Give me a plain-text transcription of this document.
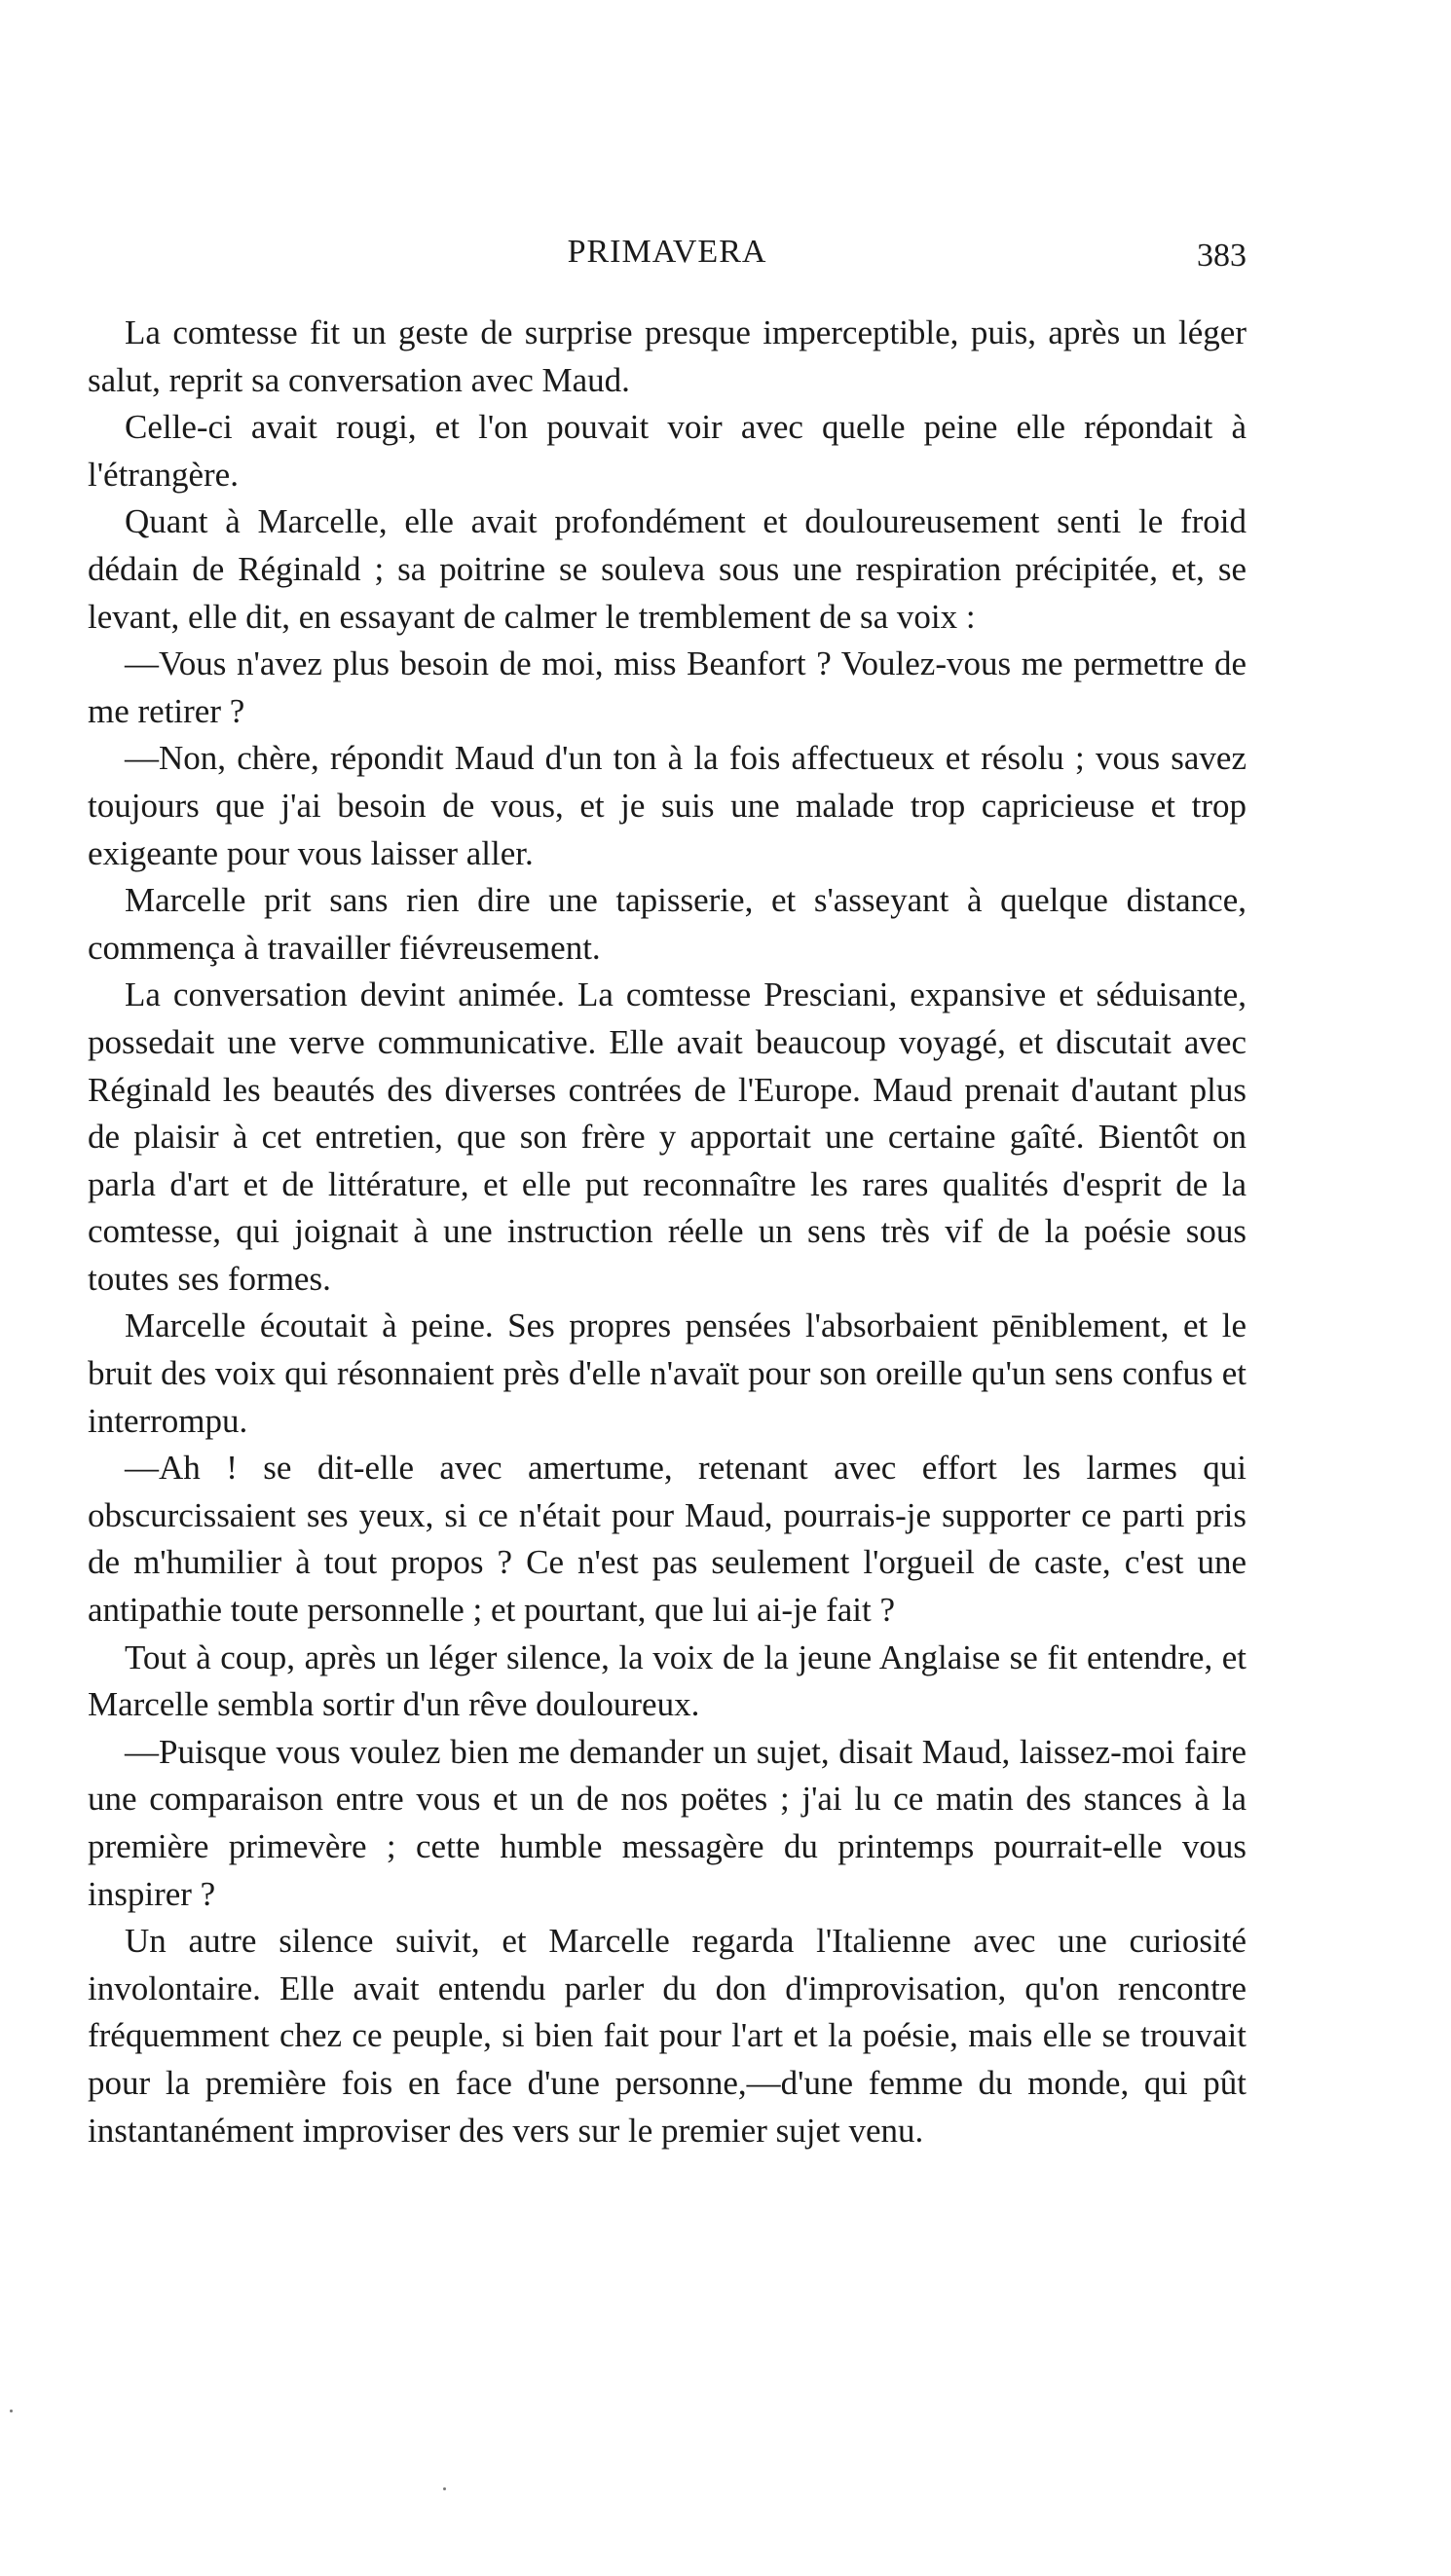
PRIMAVERA	383

La comtesse fit un geste de surprise presque imperceptible, puis, après un léger salut, reprit sa conversation avec Maud.

Celle-ci avait rougi, et l'on pouvait voir avec quelle peine elle répondait à l'étrangère.

Quant à Marcelle, elle avait profondément et douloureusement senti le froid dédain de Réginald ; sa poitrine se souleva sous une respiration précipitée, et, se levant, elle dit, en essayant de calmer le tremblement de sa voix :

—Vous n'avez plus besoin de moi, miss Beanfort ? Voulez-vous me permettre de me retirer ?

—Non, chère, répondit Maud d'un ton à la fois affectueux et résolu ; vous savez toujours que j'ai besoin de vous, et je suis une malade trop capricieuse et trop exigeante pour vous laisser aller.

Marcelle prit sans rien dire une tapisserie, et s'asseyant à quelque distance, commença à travailler fiévreusement.

La conversation devint animée. La comtesse Presciani, expansive et séduisante, possedait une verve communicative. Elle avait beaucoup voyagé, et discutait avec Réginald les beautés des diverses contrées de l'Europe. Maud prenait d'autant plus de plaisir à cet entretien, que son frère y apportait une certaine gaîté. Bientôt on parla d'art et de littérature, et elle put reconnaître les rares qualités d'esprit de la comtesse, qui joignait à une instruction réelle un sens très vif de la poésie sous toutes ses formes.

Marcelle écoutait à peine. Ses propres pensées l'absorbaient pēniblement, et le bruit des voix qui résonnaient près d'elle n'avaït pour son oreille qu'un sens confus et interrompu.

—Ah ! se dit-elle avec amertume, retenant avec effort les larmes qui obscurcissaient ses yeux, si ce n'était pour Maud, pourrais-je supporter ce parti pris de m'humilier à tout propos ? Ce n'est pas seulement l'orgueil de caste, c'est une antipathie toute personnelle ; et pourtant, que lui ai-je fait ?

Tout à coup, après un léger silence, la voix de la jeune Anglaise se fit entendre, et Marcelle sembla sortir d'un rêve douloureux.

—Puisque vous voulez bien me demander un sujet, disait Maud, laissez-moi faire une comparaison entre vous et un de nos poëtes ; j'ai lu ce matin des stances à la première primevère ; cette humble messagère du printemps pourrait-elle vous inspirer ?

Un autre silence suivit, et Marcelle regarda l'Italienne avec une curiosité involontaire. Elle avait entendu parler du don d'improvisation, qu'on rencontre fréquemment chez ce peuple, si bien fait pour l'art et la poésie, mais elle se trouvait pour la première fois en face d'une personne,—d'une femme du monde, qui pût instantanément improviser des vers sur le premier sujet venu.
